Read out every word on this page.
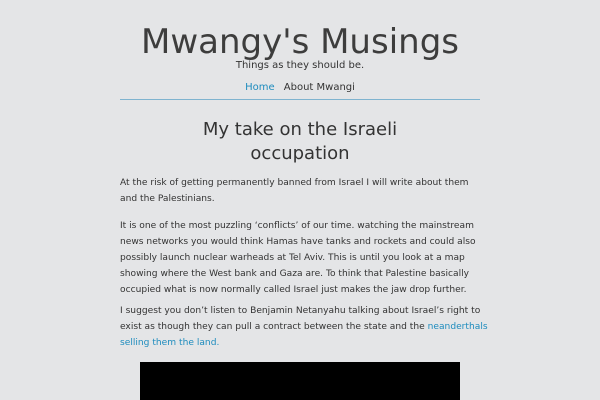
Mwangy's Musings
Things as they should be.
Home About Mwangi
My take on the Israeli
occupation

At the risk of getting permanently banned from Israel I will write about them
and the Palestinians.

It is one of the most puzzling ‘conflicts’ of our time. watching the mainstream
news networks you would think Hamas have tanks and rockets and could also
possibly launch nuclear warheads at Tel Aviv. This is until you look at a map
showing where the West bank and Gaza are. To think that Palestine basically
occupied what is now normally called Israel just makes the jaw drop further.

I suggest you don’t listen to Benjamin Netanyahu talking about Israel’s right to
exist as though they can pull a contract between the state and the neanderthals
selling them the land.
